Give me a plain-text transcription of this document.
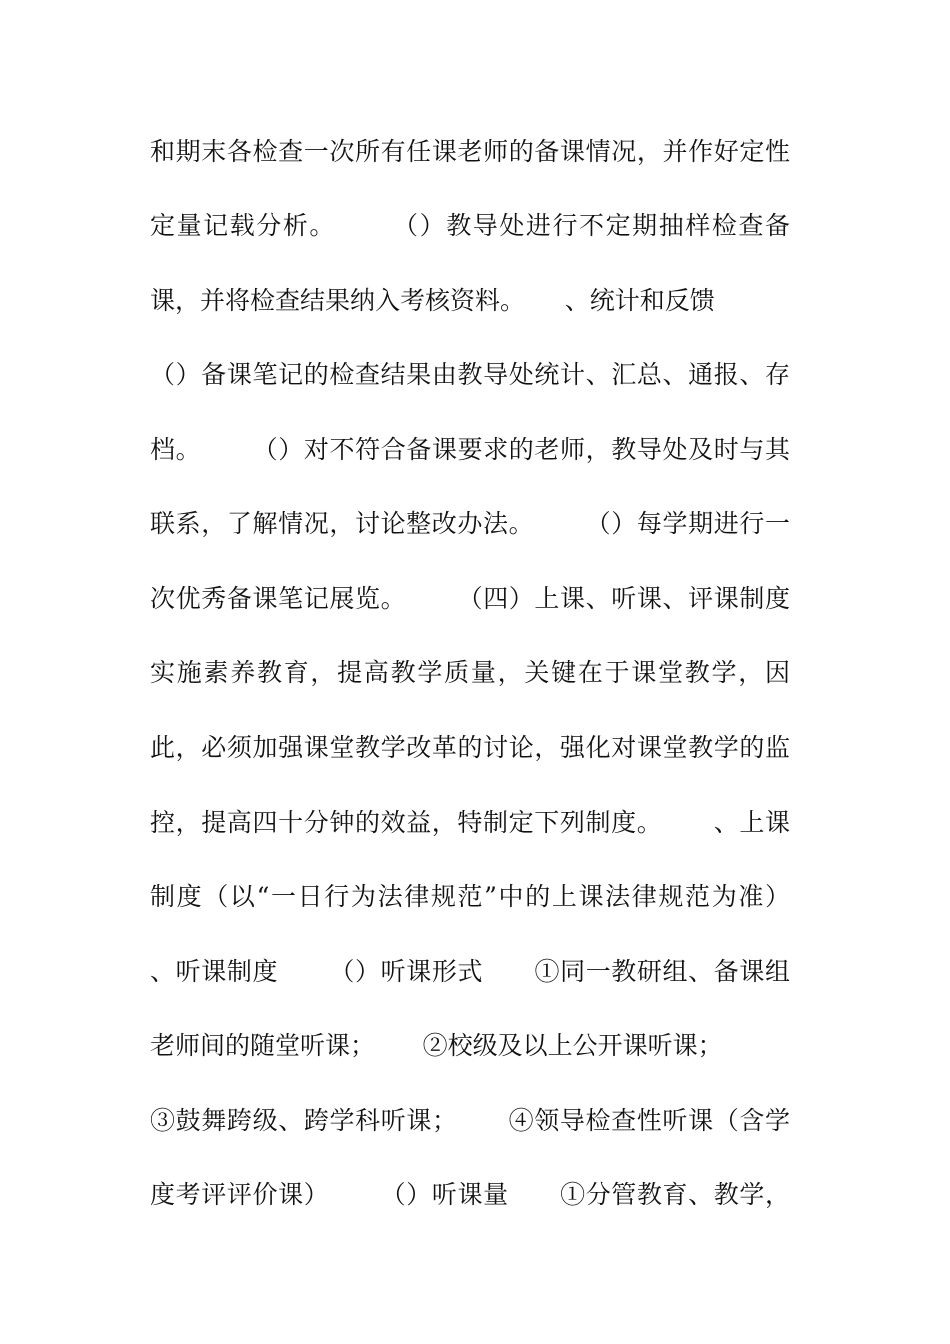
和期末各检查一次所有任课老师的备课情况，并作好定性
定量记载分析。      （）教导处进行不定期抽样检查备
课，并将检查结果纳入考核资料。     、统计和反馈
（）备课笔记的检查结果由教导处统计、汇总、通报、存
档。      （）对不符合备课要求的老师，教导处及时与其
联系，了解情况，讨论整改办法。      （）每学期进行一
次优秀备课笔记展览。      （四）上课、听课、评课制度
实施素养教育，提高教学质量，关键在于课堂教学，因
此，必须加强课堂教学改革的讨论，强化对课堂教学的监
控，提高四十分钟的效益，特制定下列制度。      、上课
制度（以“一日行为法律规范”中的上课法律规范为准）
、听课制度      （）听课形式      ①同一教研组、备课组
老师间的随堂听课；      ②校级及以上公开课听课；
③鼓舞跨级、跨学科听课；      ④领导检查性听课（含学
度考评评价课）      （）听课量      ①分管教育、教学，
